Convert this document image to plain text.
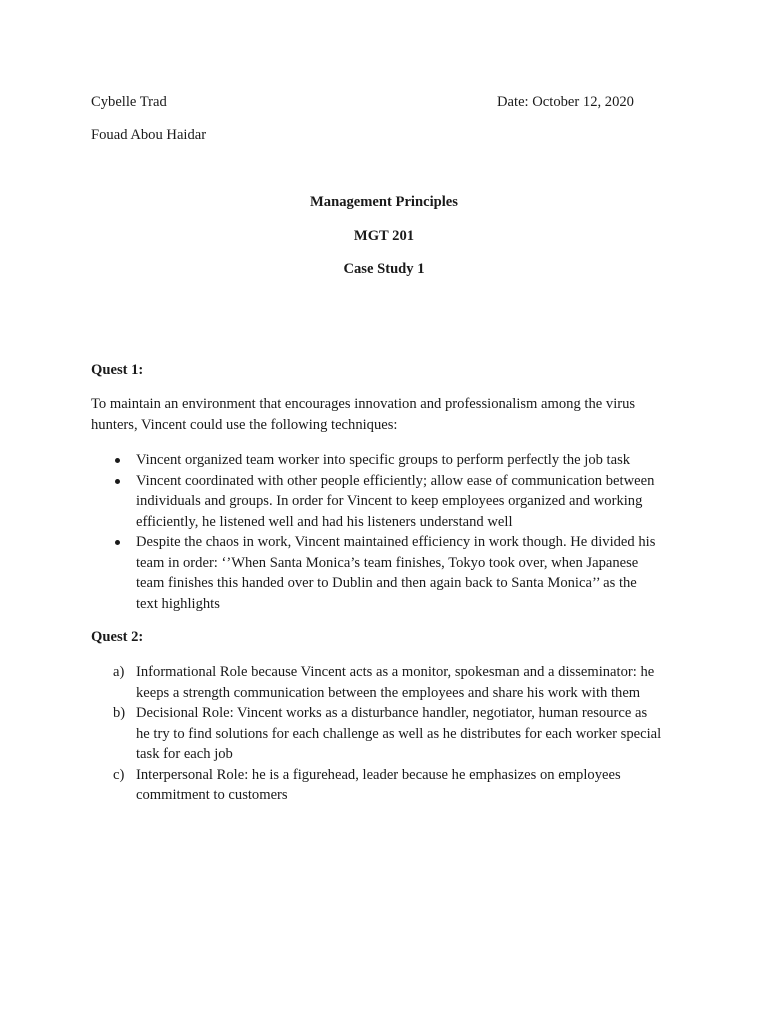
Cybelle Trad	Date: October 12, 2020
Fouad Abou Haidar
Management Principles
MGT 201
Case Study 1
Quest 1:
To maintain an environment that encourages innovation and professionalism among the virus
hunters, Vincent could use the following techniques:
Vincent organized team worker into specific groups to perform perfectly the job task
Vincent coordinated with other people efficiently; allow ease of communication between
individuals and groups. In order for Vincent to keep employees organized and working
efficiently, he listened well and had his listeners understand well
Despite the chaos in work, Vincent maintained efficiency in work though. He divided his
team in order: ‘’When Santa Monica’s team finishes, Tokyo took over, when Japanese
team finishes this handed over to Dublin and then again back to Santa Monica’’ as the
text highlights
Quest 2:
a) Informational Role because Vincent acts as a monitor, spokesman and a disseminator: he
keeps a strength communication between the employees and share his work with them
b) Decisional Role: Vincent works as a disturbance handler, negotiator, human resource as
he try to find solutions for each challenge as well as he distributes for each worker special
task for each job
c) Interpersonal Role: he is a figurehead, leader because he emphasizes on employees
commitment to customers
